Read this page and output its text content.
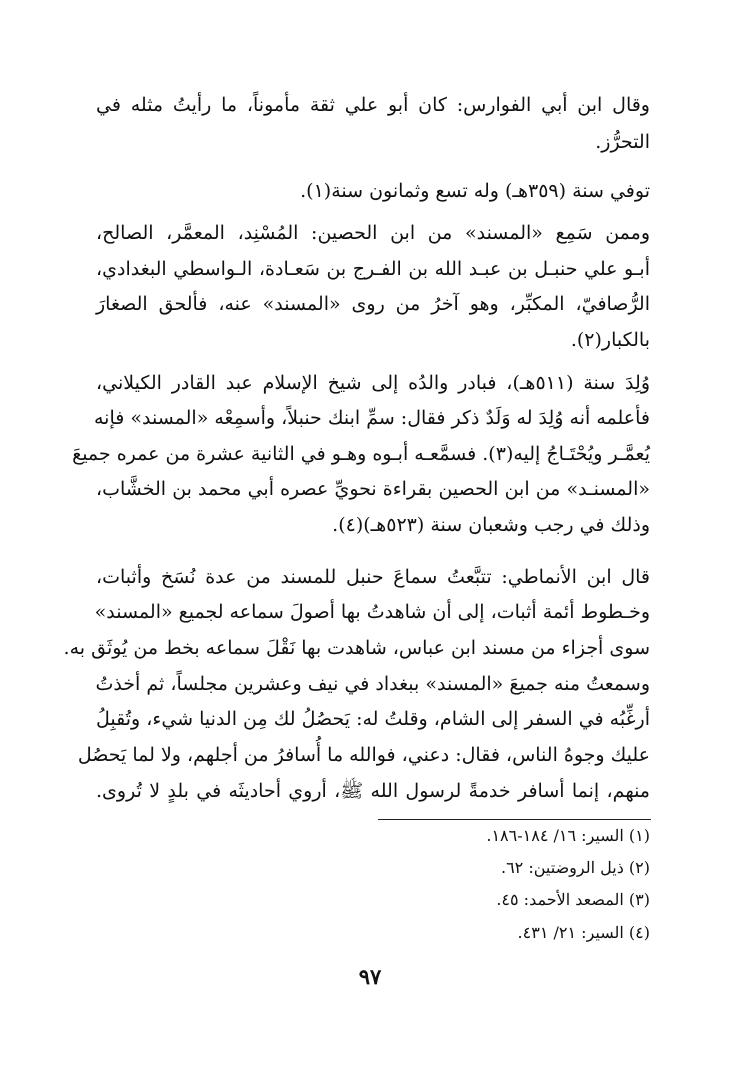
وقال ابن أبي الفوارس: كان أبو علي ثقة مأموناً، ما رأيتُ مثله في
التحرُّز.
توفي سنة (٣٥٩هـ) وله تسع وثمانون سنة(١).
وممن سَمِع «المسند» من ابن الحصين: المُسْنِد، المعمَّر، الصالح،
أبـو علي حنبـل بن عبـد الله بن الفـرج بن سَعـادة، الـواسطي البغدادي،
الرُّصافيّ، المكبِّر، وهو آخرُ من روى «المسند» عنه، فألحق الصغارَ
بالكبار(٢).
وُلِدَ سنة (٥١١هـ)، فبادر والدُه إلى شيخ الإسلام عبد القادر الكيلاني،
فأعلمه أنه وُلِدَ له وَلَدٌ ذكر فقال: سمِّ ابنك حنبلاً، وأسمِعْه «المسند» فإنه
يُعمَّـر ويُحْتَـاجُ إليه(٣). فسمَّعـه أبـوه وهـو في الثانية عشرة من عمره جميعَ
«المسنـد» من ابن الحصين بقراءة نحويِّ عصره أبي محمد بن الخشَّاب،
وذلك في رجب وشعبان سنة (٥٢٣هـ)(٤).
قال ابن الأنماطي: تتبَّعتُ سماعَ حنبل للمسند من عدة نُسَخ وأثبات،
وخـطوط أئمة أثبات، إلى أن شاهدتُ بها أصولَ سماعه لجميع «المسند»
سوى أجزاء من مسند ابن عباس، شاهدت بها نَقْلَ سماعه بخط من يُوثَق به.
وسمعتُ منه جميعَ «المسند» ببغداد في نيف وعشرين مجلساً، ثم أخذتُ
أرغِّبُه في السفر إلى الشام، وقلتُ له: يَحصُلُ لك مِن الدنيا شيء، وتُقبِلُ
عليك وجوهُ الناس، فقال: دعني، فوالله ما أُسافرُ من أجلهم، ولا لما يَحصُل
منهم، إنما أسافر خدمةً لرسول الله ﷺ، أروي أحاديثَه في بلدٍ لا تُروى.
(١) السير: ١٦/ ١٨٤-١٨٦.
(٢) ذيل الروضتين: ٦٢.
(٣) المصعد الأحمد: ٤٥.
(٤) السير: ٢١/ ٤٣١.
٩٧
